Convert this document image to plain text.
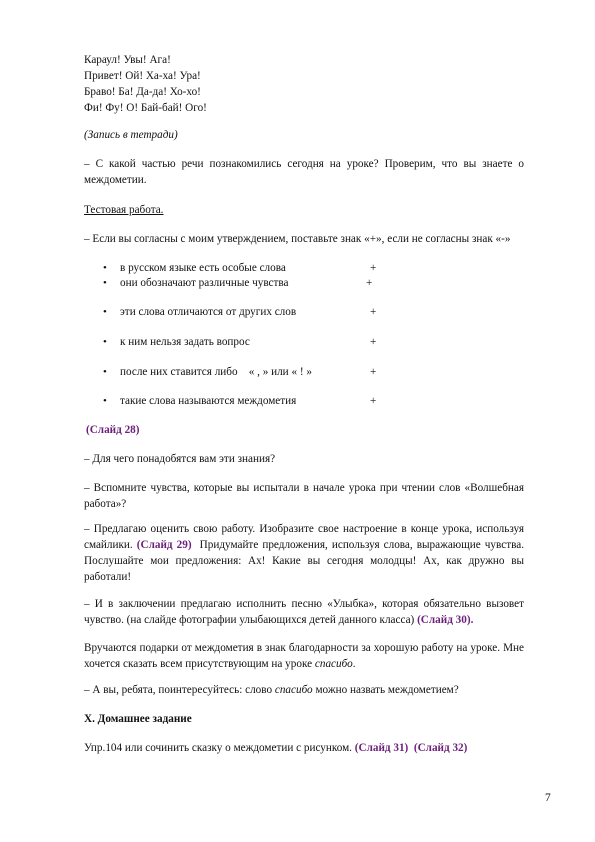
Караул! Увы! Ага!
Привет! Ой! Ха-ха! Ура!
Браво! Ба! Да-да! Хо-хо!
Фи! Фу! О! Бай-бай! Ого!
(Запись в тетради)
– С какой частью речи познакомились сегодня на уроке? Проверим, что вы знаете о междометии.
Тестовая работа.
– Если вы согласны с моим утверждением, поставьте знак «+», если не согласны знак «-»
• в русском языке есть особые слова	+
• они обозначают различные чувства	+
• эти слова отличаются от других слов	+
• к ним нельзя задать вопрос	+
• после них ставится либо    « , » или « ! »	+
• такие слова называются междометия	+
(Слайд 28)
– Для чего понадобятся вам эти знания?
– Вспомните чувства, которые вы испытали в начале урока при чтении слов «Волшебная работа»?
– Предлагаю оценить свою работу. Изобразите свое настроение в конце урока, используя смайлики. (Слайд 29)  Придумайте предложения, используя слова, выражающие чувства. Послушайте мои предложения: Ах! Какие вы сегодня молодцы! Ах, как дружно вы работали!
– И в заключении предлагаю исполнить песню «Улыбка», которая обязательно вызовет чувство. (на слайде фотографии улыбающихся детей данного класса) (Слайд 30).
Вручаются подарки от междометия в знак благодарности за хорошую работу на уроке. Мне хочется сказать всем присутствующим на уроке спасибо.
– А вы, ребята, поинтересуйтесь: слово спасибо можно назвать междометием?
X. Домашнее задание
Упр.104 или сочинить сказку о междометии с рисунком. (Слайд 31) (Слайд 32)
7
